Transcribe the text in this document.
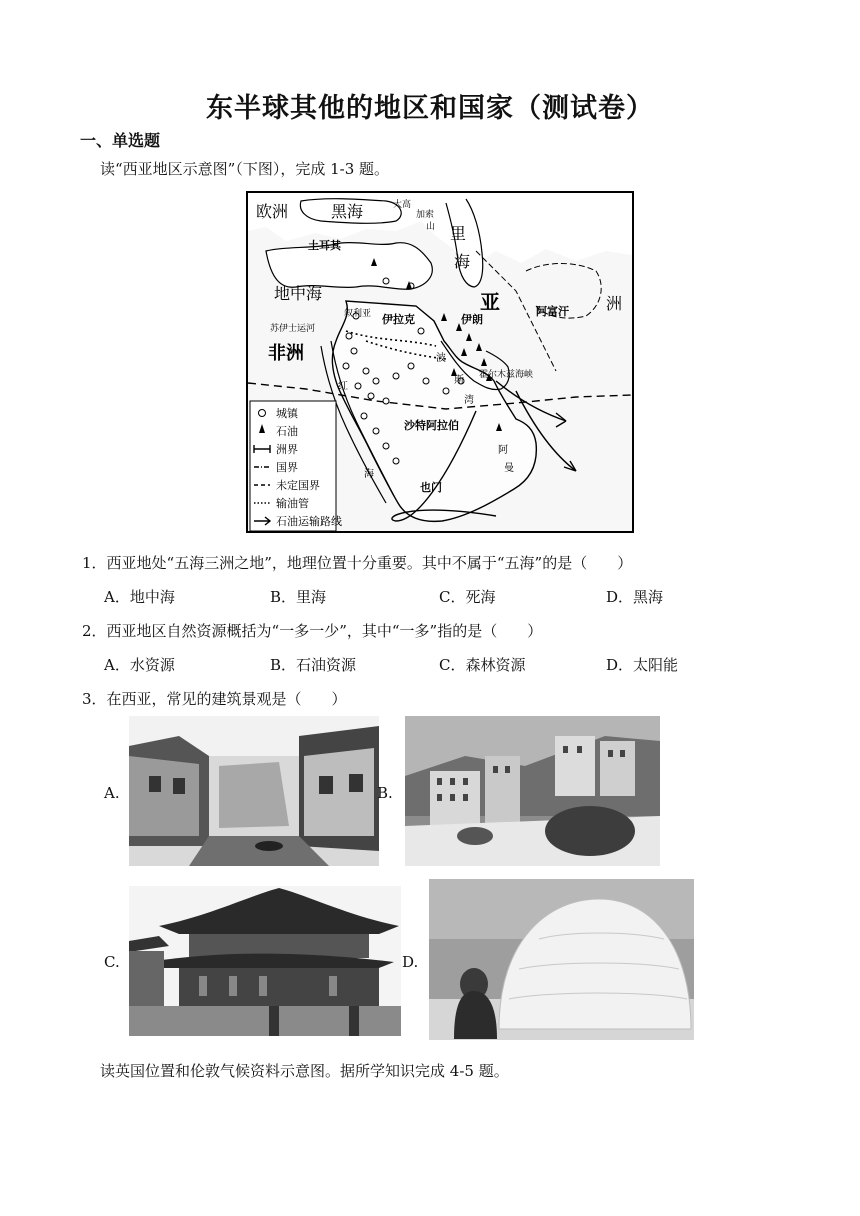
东半球其他的地区和国家（测试卷）
一、单选题
读“西亚地区示意图”（下图），完成 1-3 题。
欧洲	黑海
里
海
地中海	亚	洲
非洲
大高
加索
山
叙利亚
苏伊士运河
霍尔木兹海峡
土耳其
伊拉克	伊朗
阿富汗
沙特阿拉伯
也门
波
斯
湾
红
海
阿
曼
城镇
石油
洲界
国界
未定国界
输油管
石油运输路线
1．西亚地处“五海三洲之地”，地理位置十分重要。其中不属于“五海”的是（　　）
A．地中海	B．里海	C．死海	D．黑海
2．西亚地区自然资源概括为“一多一少”，其中“一多”指的是（　　）
A．水资源	B．石油资源	C．森林资源	D．太阳能
3．在西亚，常见的建筑景观是（　　）
A.	B.
C.	D.
读英国位置和伦敦气候资料示意图。据所学知识完成 4-5 题。
